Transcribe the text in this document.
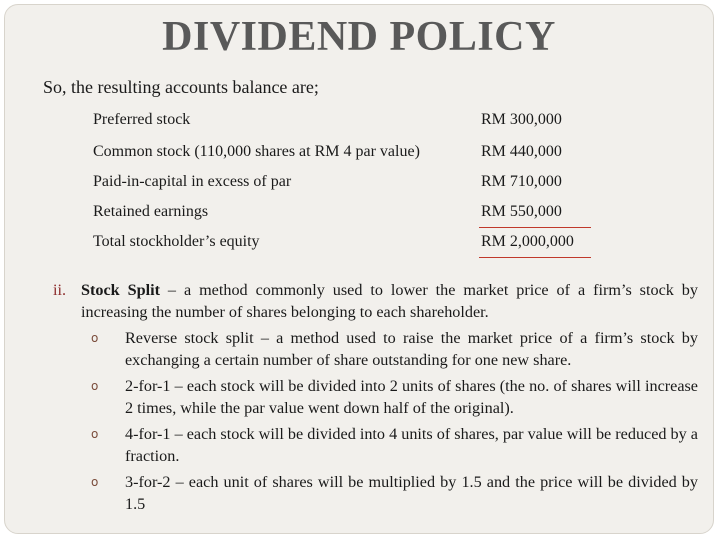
DIVIDEND POLICY
So, the resulting accounts balance are;
Preferred stock	RM 300,000
Common stock (110,000 shares at RM 4 par value)	RM 440,000
Paid-in-capital in excess of par	RM 710,000
Retained earnings	RM 550,000
Total stockholder’s equity	RM 2,000,000
ii. Stock Split – a method commonly used to lower the market price of a firm’s stock by increasing the number of shares belonging to each shareholder.
o Reverse stock split – a method used to raise the market price of a firm’s stock by exchanging a certain number of share outstanding for one new share.
o 2-for-1 – each stock will be divided into 2 units of shares (the no. of shares will increase 2 times, while the par value went down half of the original).
o 4-for-1 – each stock will be divided into 4 units of shares, par value will be reduced by a fraction.
o 3-for-2 – each unit of shares will be multiplied by 1.5 and the price will be divided by 1.5
